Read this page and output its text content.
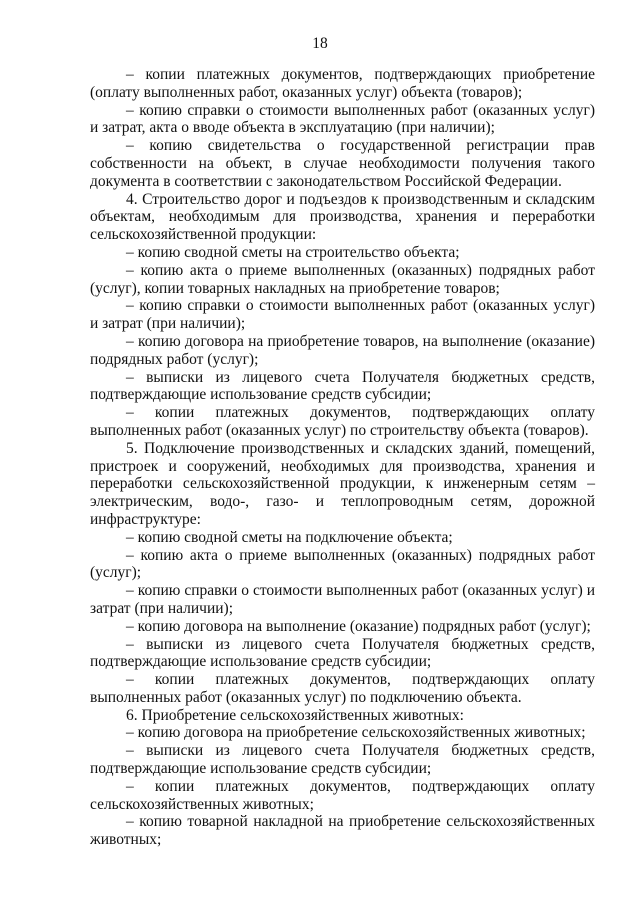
18
– копии платежных документов, подтверждающих приобретение
(оплату выполненных работ, оказанных услуг) объекта (товаров);
– копию справки о стоимости выполненных работ (оказанных услуг)
и затрат, акта о вводе объекта в эксплуатацию (при наличии);
– копию свидетельства о государственной регистрации прав
собственности на объект, в случае необходимости получения такого
документа в соответствии с законодательством Российской Федерации.
4. Строительство дорог и подъездов к производственным и складским
объектам, необходимым для производства, хранения и переработки
сельскохозяйственной продукции:
– копию сводной сметы на строительство объекта;
– копию акта о приеме выполненных (оказанных) подрядных работ
(услуг), копии товарных накладных на приобретение товаров;
– копию справки о стоимости выполненных работ (оказанных услуг)
и затрат (при наличии);
– копию договора на приобретение товаров, на выполнение (оказание)
подрядных работ (услуг);
– выписки из лицевого счета Получателя бюджетных средств,
подтверждающие использование средств субсидии;
– копии платежных документов, подтверждающих оплату
выполненных работ (оказанных услуг) по строительству объекта (товаров).
5. Подключение производственных и складских зданий, помещений,
пристроек и сооружений, необходимых для производства, хранения и
переработки сельскохозяйственной продукции, к инженерным сетям –
электрическим, водо-, газо- и теплопроводным сетям, дорожной
инфраструктуре:
– копию сводной сметы на подключение объекта;
– копию акта о приеме выполненных (оказанных) подрядных работ
(услуг);
– копию справки о стоимости выполненных работ (оказанных услуг) и
затрат (при наличии);
– копию договора на выполнение (оказание) подрядных работ (услуг);
– выписки из лицевого счета Получателя бюджетных средств,
подтверждающие использование средств субсидии;
– копии платежных документов, подтверждающих оплату
выполненных работ (оказанных услуг) по подключению объекта.
6. Приобретение сельскохозяйственных животных:
– копию договора на приобретение сельскохозяйственных животных;
– выписки из лицевого счета Получателя бюджетных средств,
подтверждающие использование средств субсидии;
– копии платежных документов, подтверждающих оплату
сельскохозяйственных животных;
– копию товарной накладной на приобретение сельскохозяйственных
животных;
